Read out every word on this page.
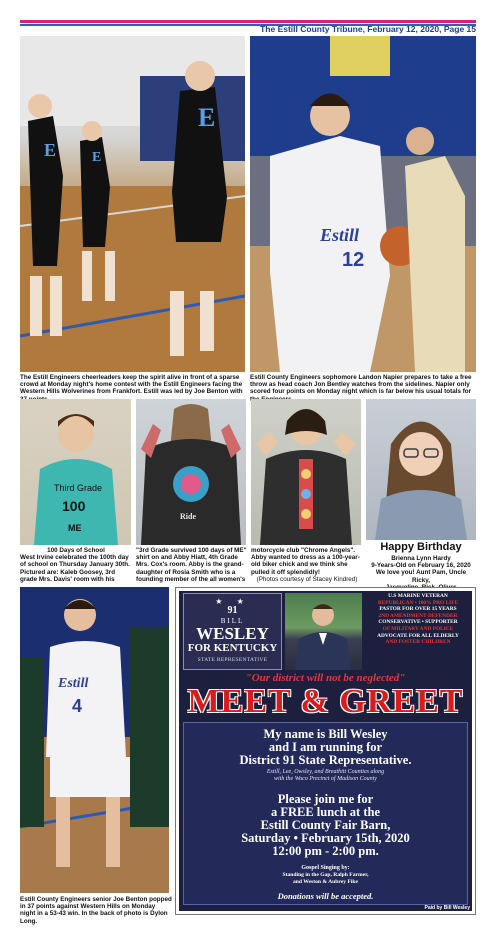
The Estill County Tribune, February 12, 2020, Page 15
E	E
E
The Estill Engineers cheerleaders keep the spirit alive in front of a sparse crowd at Monday night's home contest with the Estill Engineers facing the Western Hills Wolverines from Frankfort. Estill was led by Joe Benton with
Estill
12
Estill County Engineers sophomore Landon Napier prepares to take a free throw as head coach Jon Bentley watches from the sidelines. Napier only scored four points on Monday night which is far below his usual totals for
Third Grade
100
ME
Ride
100 Days of School
West Irvine celebrated the 100th day of school on Thursday January 30th. Pictured are: Kaleb Goosey, 3rd grade Mrs. Davis' room with his
"3rd Grade survived 100 days of ME" shirt on and Abby Hiatt, 4th Grade Mrs. Cox's room. Abby is the grand-daughter of Rosia Smith who is a founding member of the all women's
motorcycle club "Chrome Angels". Abby wanted to dress as a 100-year-old biker chick and we think she pulled it off splendidly!
(Photos courtesy of Stacey Kindred)
Happy Birthday
Brienna Lynn Hardy
9-Years-Old on February 16, 2020
We love you! Aunt Pam, Uncle Ricky,
Estill
4
Estill County Engineers senior Joe Benton popped in 37 points against Western Hills on Monday night in a 53-43 win. In the back of photo is Dylon Long.
★ ★
91
BILL
WESLEY
FOR KENTUCKY
STATE REPRESENTATIVE
U.S MARINE VETERAN
REPUBLICAN • 100% PRO LIFE
PASTOR FOR OVER 15 YEARS
2ND AMENDMENT DEFENDER
CONSERVATIVE • SUPPORTER
OF MILITARY AND POLICE
ADVOCATE FOR ALL ELDERLY
AND FOSTER CHILDREN
"Our district will not be neglected"
MEET & GREET
My name is Bill Wesley
and I am running for
District 91 State Representative.
Estill, Lee, Owsley, and Breathitt Counties along
with the Waco Precinct of Madison County
Please join me for
a FREE lunch at the
Estill County Fair Barn,
Saturday • February 15th, 2020
12:00 pm - 2:00 pm.
Gospel Singing by:
Standing in the Gap, Ralph Farmer,
and Weston & Aubrey Fike
Donations will be accepted.
Paid by Bill Wesley
